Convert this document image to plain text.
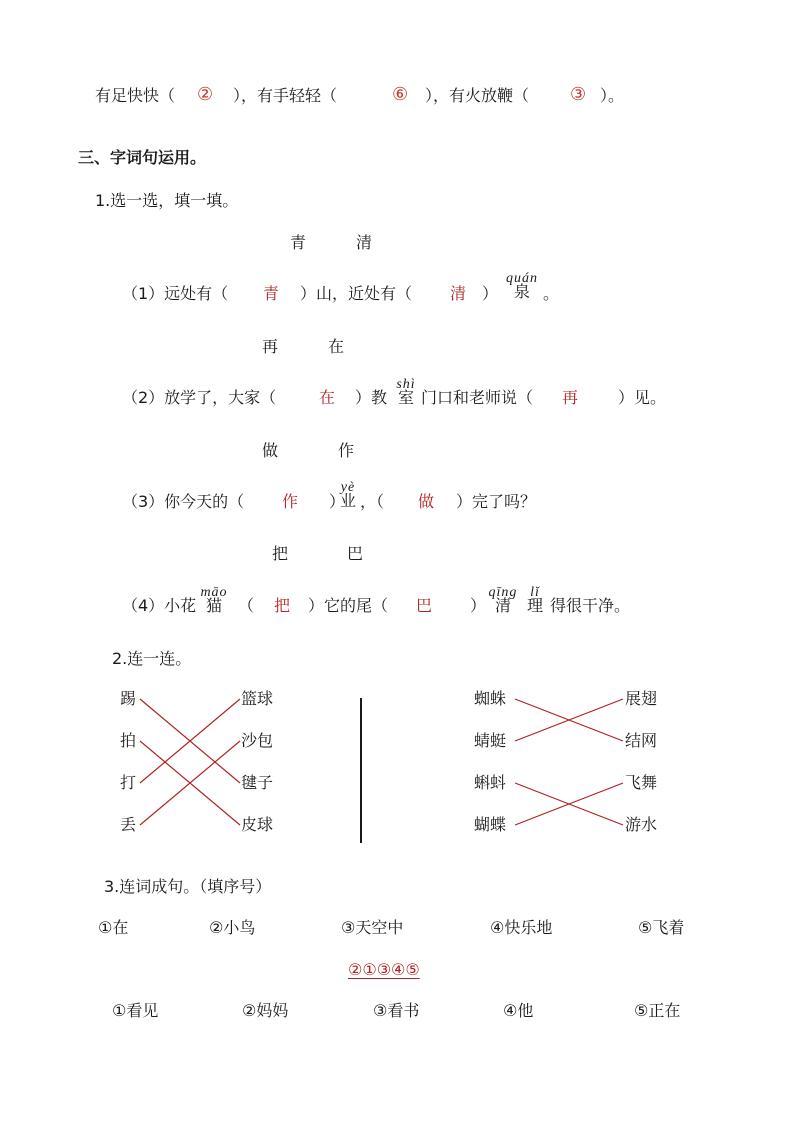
有足快快（ ② ），有手轻轻（	⑥ ），有火放鞭（ ③ ）。
三、字词句运用。
1.选一选，填一填。
青	清
（1）远处有（ 青 ）山，近处有（ 清 ）
quán
泉 。
再	在
（2）放学了，大家（	在 ）教
shì
室 门口和老师说（ 再 ）见。
做	作
（3）你今天的（ 作 ）
yè
业 ，（ 做 ）完了吗？
把	巴
（4）小花
māo
猫	（ 把 ）它的尾（ 巴 ）
qīng
清
lǐ
理 得很干净。
2.连一连。
踢
拍
打
丢
篮球
沙包
毽子
皮球
蜘蛛
蜻蜓
蝌蚪
蝴蝶
展翅
结网
飞舞
游水
3.连词成句。（填序号）
①在	②小鸟	③天空中	④快乐地	⑤飞着
②①③④⑤
①看见	②妈妈	③看书	④他	⑤正在
